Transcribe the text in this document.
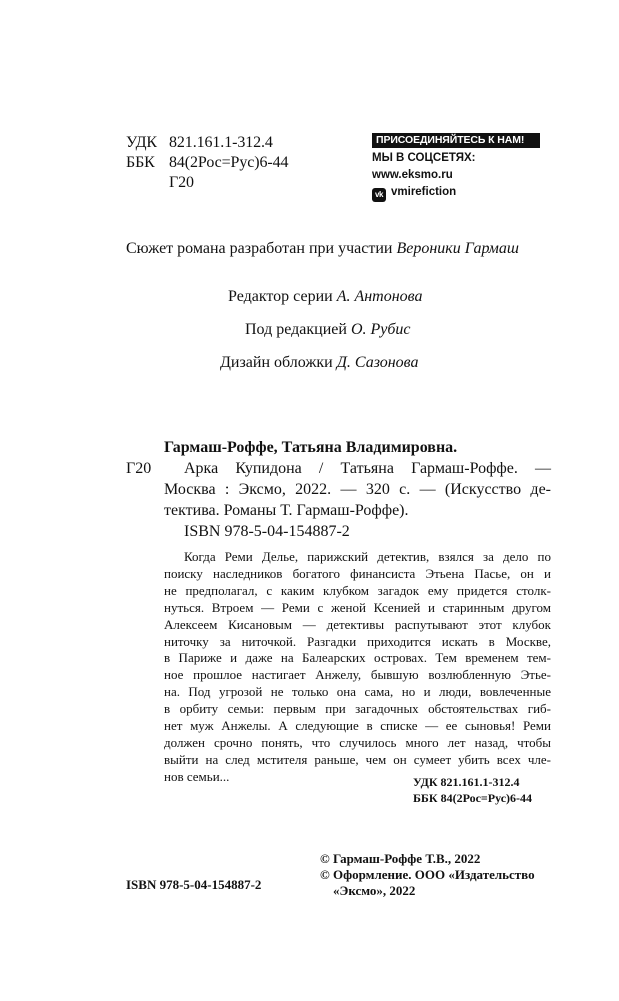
УДК 821.161.1-312.4
ББК 84(2Рос=Рус)6-44
Г20
ПРИСОЕДИНЯЙТЕСЬ К НАМ!
МЫ В СОЦСЕТЯХ:
www.eksmo.ru
vk vmirefiction
Сюжет романа разработан при участии Вероники Гармаш
Редактор серии А. Антонова
Под редакцией О. Рубис
Дизайн обложки Д. Сазонова
Гармаш-Роффе, Татьяна Владимировна.
Г20 Арка Купидона / Татьяна Гармаш-Роффе. —
Москва : Эксмо, 2022. — 320 с. — (Искусство де-
тектива. Романы Т. Гармаш-Роффе).
ISBN 978-5-04-154887-2
Когда Реми Делье, парижский детектив, взялся за дело по
поиску наследников богатого финансиста Этьена Пасье, он и
не предполагал, с каким клубком загадок ему придется столк-
нуться. Втроем — Реми с женой Ксенией и старинным другом
Алексеем Кисановым — детективы распутывают этот клубок
ниточку за ниточкой. Разгадки приходится искать в Москве,
в Париже и даже на Балеарских островах. Тем временем тем-
ное прошлое настигает Анжелу, бывшую возлюбленную Этье-
на. Под угрозой не только она сама, но и люди, вовлеченные
в орбиту семьи: первым при загадочных обстоятельствах гиб-
нет муж Анжелы. А следующие в списке — ее сыновья! Реми
должен срочно понять, что случилось много лет назад, чтобы
выйти на след мстителя раньше, чем он сумеет убить всех чле-
нов семьи...	УДК 821.161.1-312.4
ББК 84(2Рос=Рус)6-44
© Гармаш-Роффе Т.В., 2022
© Оформление. ООО «Издательство
«Эксмо», 2022
ISBN 978-5-04-154887-2
